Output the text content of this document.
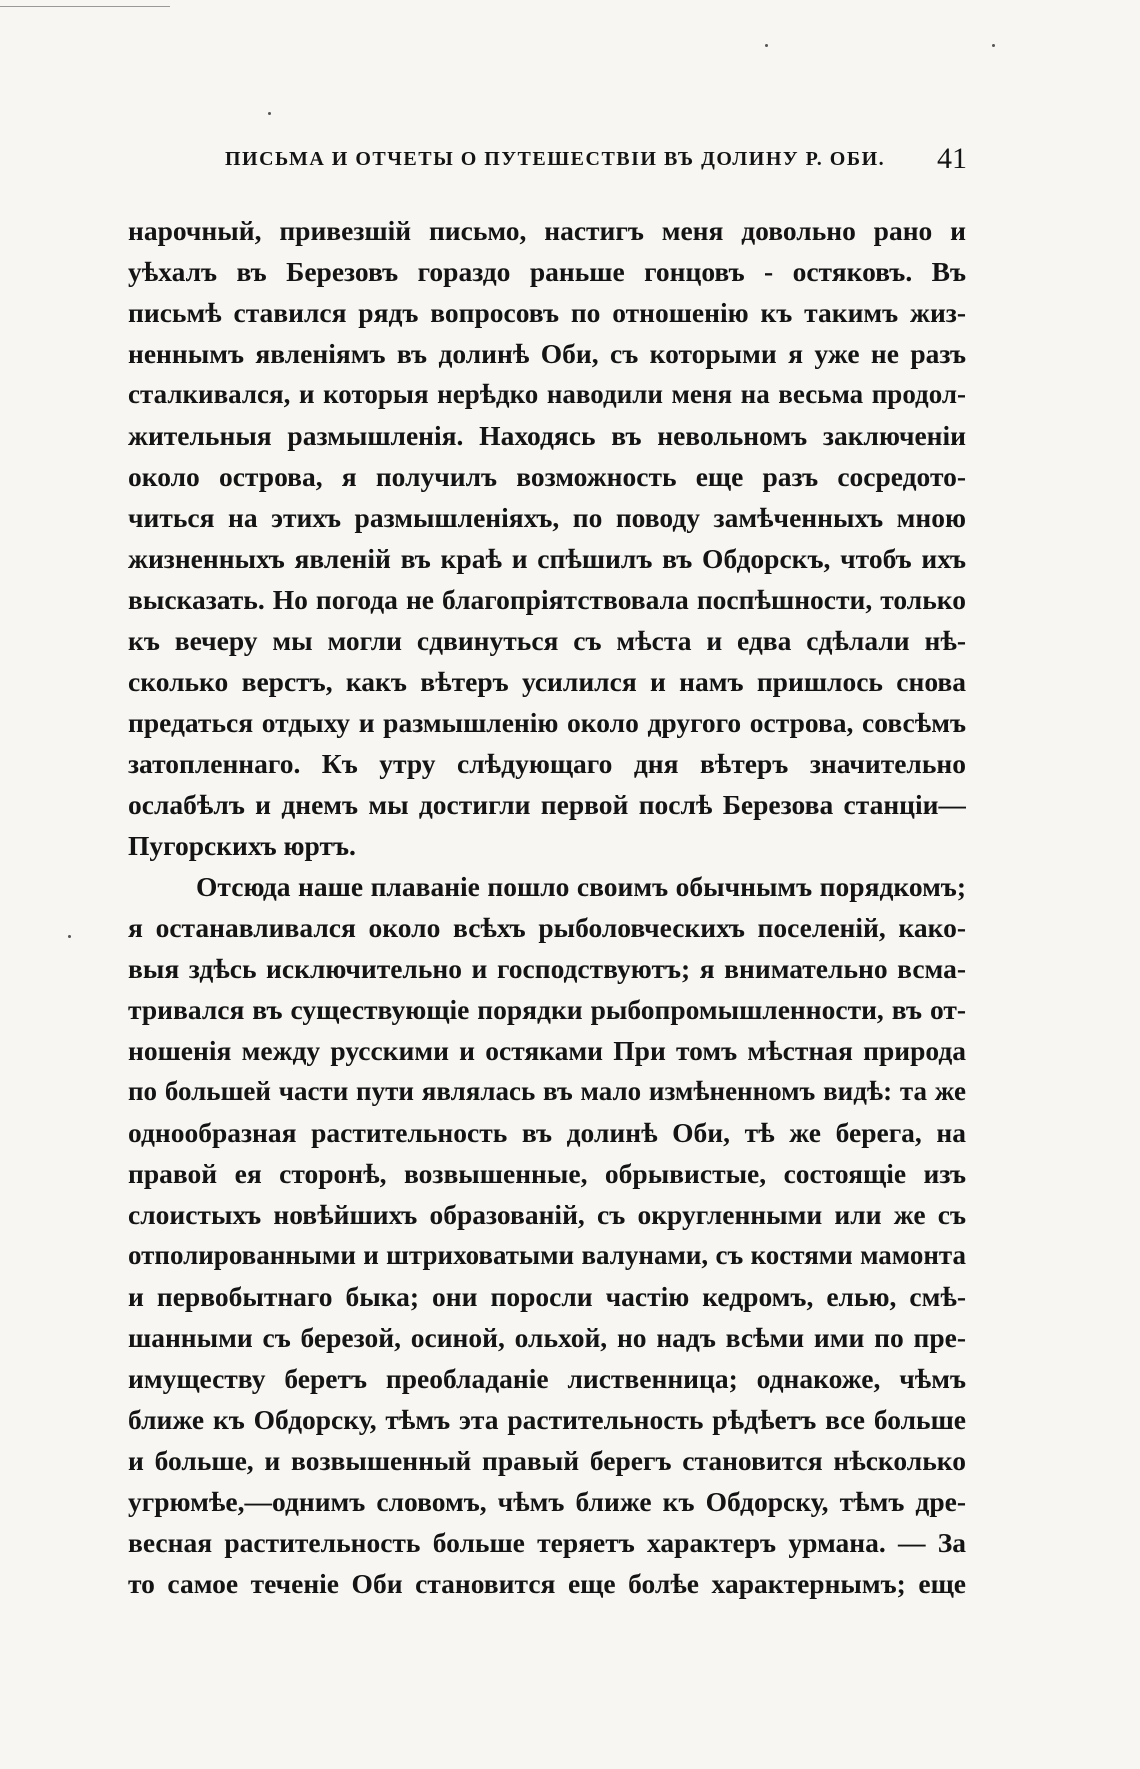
ПИСЬМА И ОТЧЕТЫ О ПУТЕШЕСТВІИ ВЪ ДОЛИНУ Р. ОБИ. 41
нарочный, привезшій письмо, настигъ меня довольно рано и
уѣхалъ въ Березовъ гораздо раньше гонцовъ - остяковъ. Въ
письмѣ ставился рядъ вопросовъ по отношенію къ такимъ жиз-
неннымъ явленіямъ въ долинѣ Оби, съ которыми я уже не разъ
сталкивался, и которыя нерѣдко наводили меня на весьма продол-
жительныя размышленія. Находясь въ невольномъ заключеніи
около острова, я получилъ возможность еще разъ сосредото-
читься на этихъ размышленіяхъ, по поводу замѣченныхъ мною
жизненныхъ явленій въ краѣ и спѣшилъ въ Обдорскъ, чтобъ ихъ
высказать. Но погода не благопріятствовала поспѣшности, только
къ вечеру мы могли сдвинуться съ мѣста и едва сдѣлали нѣ-
сколько верстъ, какъ вѣтеръ усилился и намъ пришлось снова
предаться отдыху и размышленію около другого острова, совсѣмъ
затопленнаго. Къ утру слѣдующаго дня вѣтеръ значительно
ослабѣлъ и днемъ мы достигли первой послѣ Березова станціи—
Пугорскихъ юртъ.
Отсюда наше плаваніе пошло своимъ обычнымъ порядкомъ;
я останавливался около всѣхъ рыболовческихъ поселеній, како-
выя здѣсь исключительно и господствуютъ; я внимательно всма-
тривался въ существующіе порядки рыбопромышленности, въ от-
ношенія между русскими и остяками При томъ мѣстная природа
по большей части пути являлась въ мало измѣненномъ видѣ: та же
однообразная растительность въ долинѣ Оби, тѣ же берега, на
правой ея сторонѣ, возвышенные, обрывистые, состоящіе изъ
слоистыхъ новѣйшихъ образованій, съ округленными или же съ
отполированными и штриховатыми валунами, съ костями мамонта
и первобытнаго быка; они поросли частію кедромъ, елью, смѣ-
шанными съ березой, осиной, ольхой, но надъ всѣми ими по пре-
имуществу беретъ преобладаніе лиственница; однакоже, чѣмъ
ближе къ Обдорску, тѣмъ эта растительность рѣдѣетъ все больше
и больше, и возвышенный правый берегъ становится нѣсколько
угрюмѣе,—однимъ словомъ, чѣмъ ближе къ Обдорску, тѣмъ дре-
весная растительность больше теряетъ характеръ урмана. — За
то самое теченіе Оби становится еще болѣе характернымъ; еще
